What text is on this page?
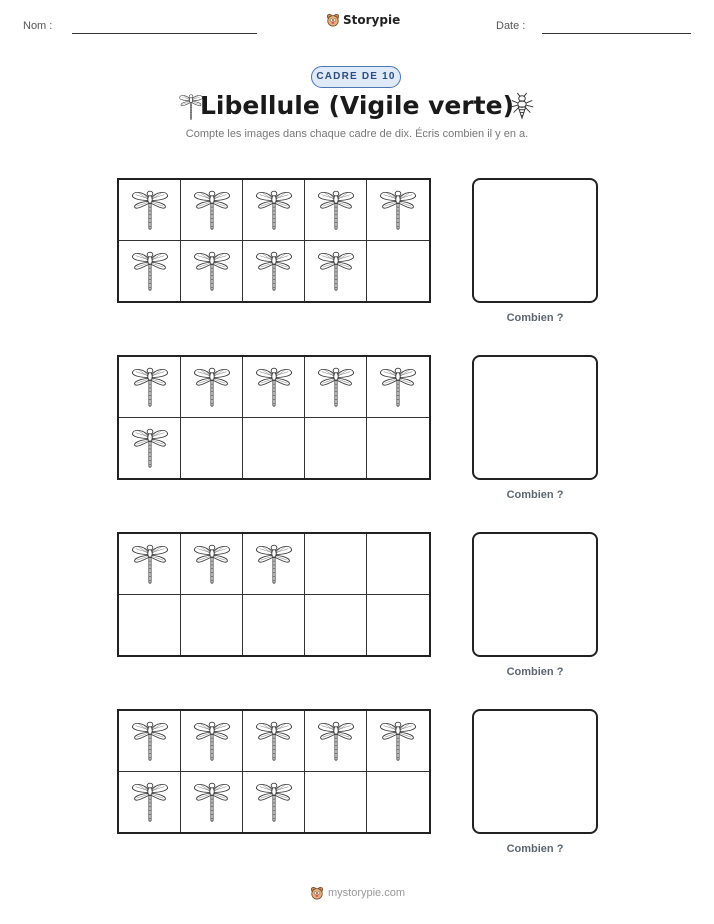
Nom :	Storypie	Date :
CADRE DE 10
Libellule (Vigile verte)
Compte les images dans chaque cadre de dix. Écris combien il y en a.
Combien ?
Combien ?
Combien ?
Combien ?
mystorypie.com
